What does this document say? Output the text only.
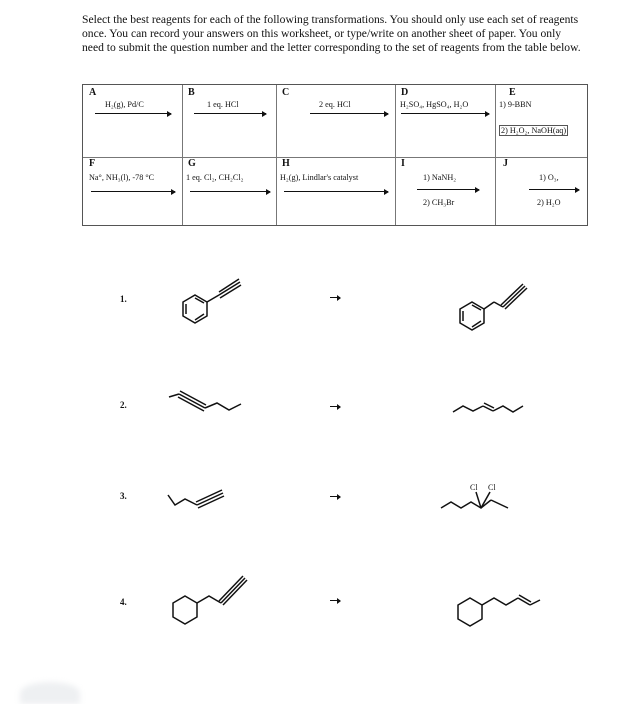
Select the best reagents for each of the following transformations. You should only use each set of reagents once. You can record your answers on this worksheet, or type/write on another sheet of paper. You only need to submit the question number and the letter corresponding to the set of reagents from the table below.
A
H₂(g), Pd/C
B
1 eq. HCl
C
2 eq. HCl
D
H₂SO₄, HgSO₄, H₂O
E
1) 9-BBN
2) H₂O₂, NaOH(aq)
F
Na°, NH₃(l), -78 °C
G
1 eq. Cl₂, CH₂Cl₂
H
H₂(g), Lindlar's catalyst
I
1) NaNH₂
2) CH₃Br
J
1) O₃,
2) H₂O
1.
2.
3.
Cl Cl
4.
